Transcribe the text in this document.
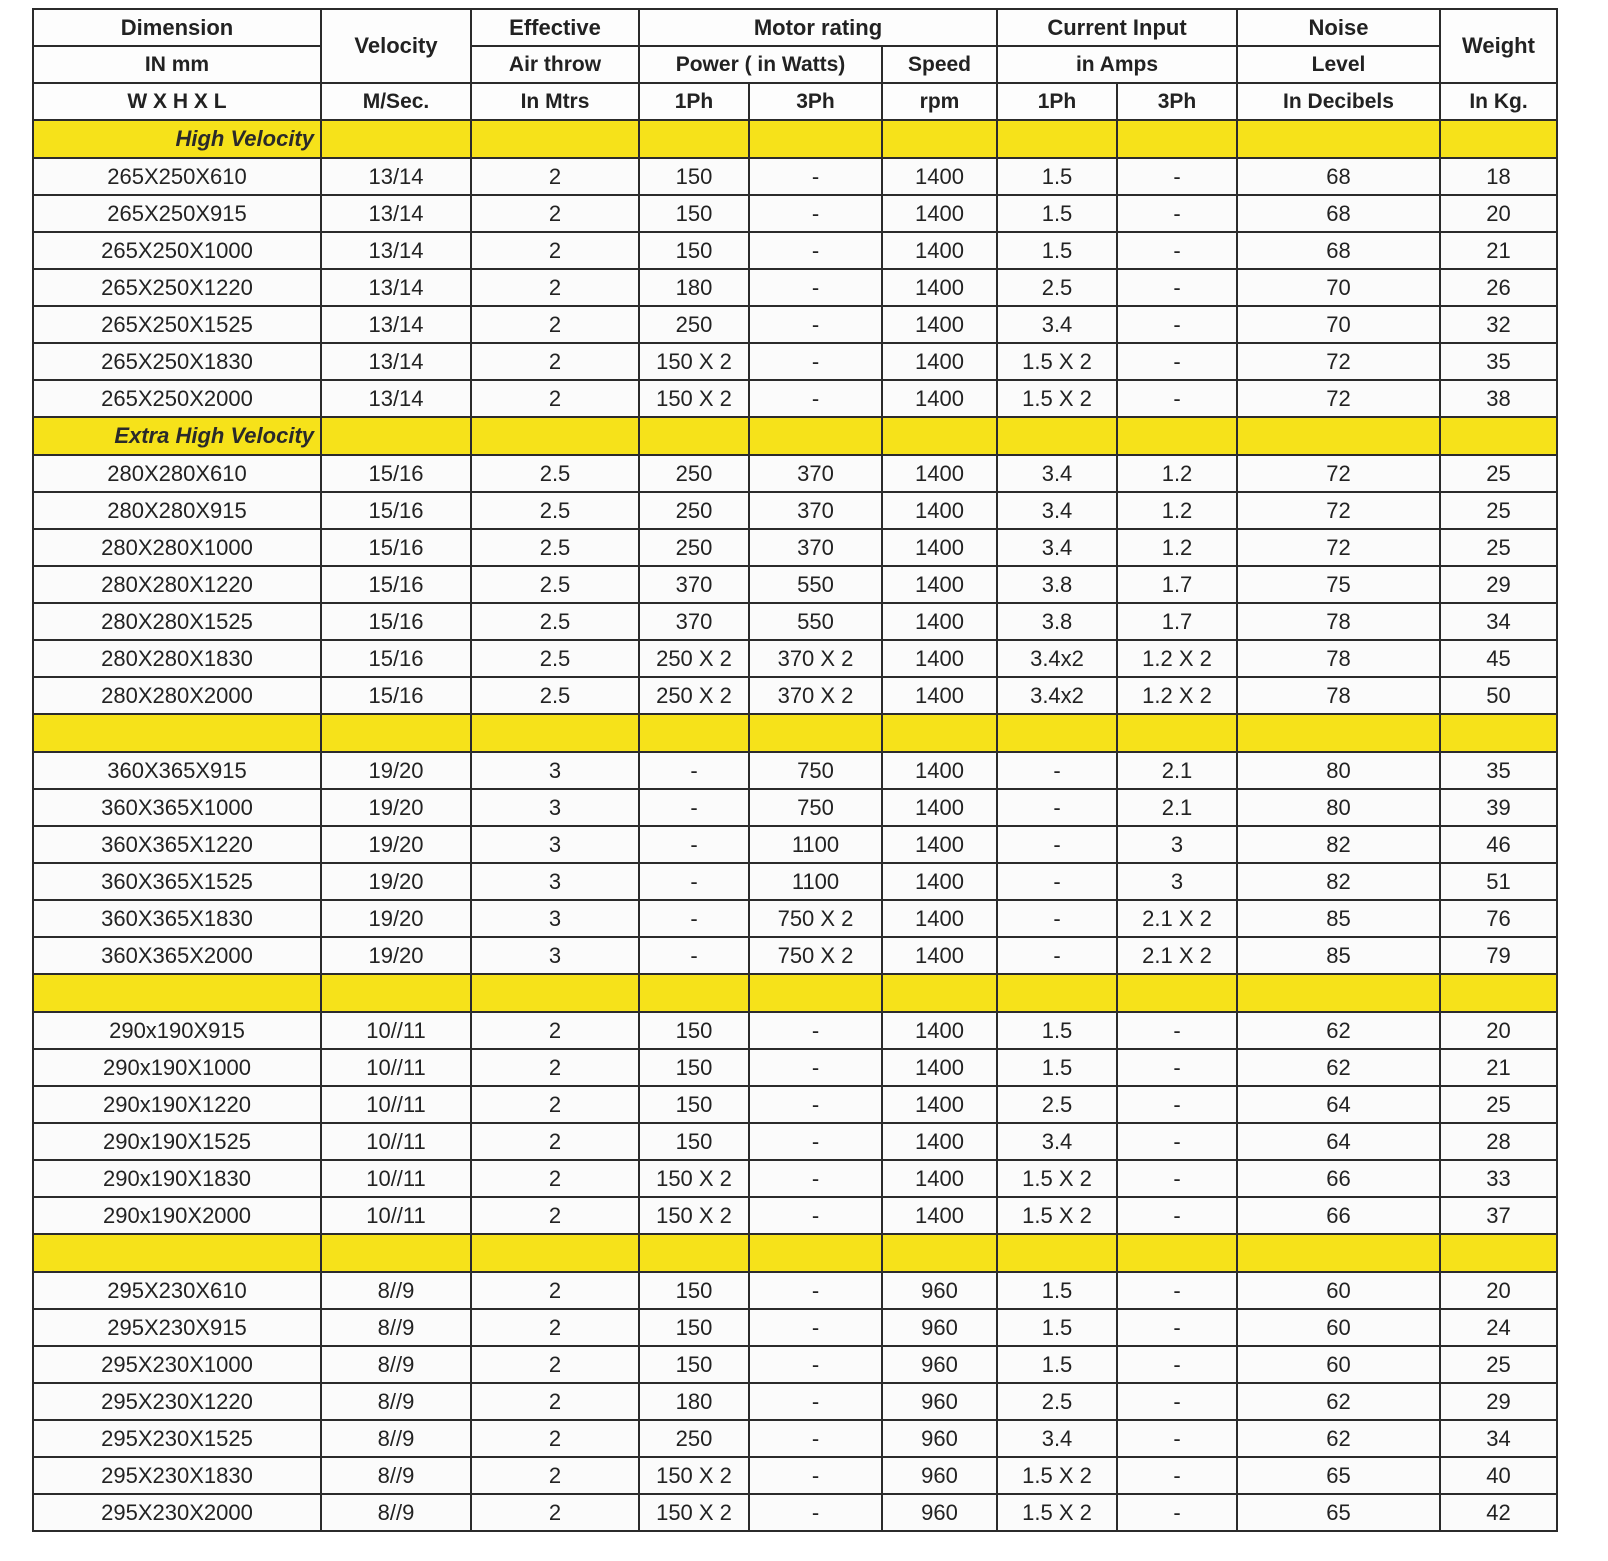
Dimension	Velocity	Effective	Motor rating			Current Input		Noise	Weight
IN mm		Air throw	Power ( in Watts)		Speed	in Amps		Level	
W X H X L	M/Sec.	In Mtrs	1Ph	3Ph	rpm	1Ph	3Ph	In Decibels	In Kg.
High Velocity									
265X250X610	13/14	2	150	-	1400	1.5	-	68	18
265X250X915	13/14	2	150	-	1400	1.5	-	68	20
265X250X1000	13/14	2	150	-	1400	1.5	-	68	21
265X250X1220	13/14	2	180	-	1400	2.5	-	70	26
265X250X1525	13/14	2	250	-	1400	3.4	-	70	32
265X250X1830	13/14	2	150 X 2	-	1400	1.5 X 2	-	72	35
265X250X2000	13/14	2	150 X 2	-	1400	1.5 X 2	-	72	38
Extra High Velocity									
280X280X610	15/16	2.5	250	370	1400	3.4	1.2	72	25
280X280X915	15/16	2.5	250	370	1400	3.4	1.2	72	25
280X280X1000	15/16	2.5	250	370	1400	3.4	1.2	72	25
280X280X1220	15/16	2.5	370	550	1400	3.8	1.7	75	29
280X280X1525	15/16	2.5	370	550	1400	3.8	1.7	78	34
280X280X1830	15/16	2.5	250 X 2	370 X 2	1400	3.4x2	1.2 X 2	78	45
280X280X2000	15/16	2.5	250 X 2	370 X 2	1400	3.4x2	1.2 X 2	78	50

360X365X915	19/20	3	-	750	1400	-	2.1	80	35
360X365X1000	19/20	3	-	750	1400	-	2.1	80	39
360X365X1220	19/20	3	-	1100	1400	-	3	82	46
360X365X1525	19/20	3	-	1100	1400	-	3	82	51
360X365X1830	19/20	3	-	750 X 2	1400	-	2.1 X 2	85	76
360X365X2000	19/20	3	-	750 X 2	1400	-	2.1 X 2	85	79

290x190X915	10//11	2	150	-	1400	1.5	-	62	20
290x190X1000	10//11	2	150	-	1400	1.5	-	62	21
290x190X1220	10//11	2	150	-	1400	2.5	-	64	25
290x190X1525	10//11	2	150	-	1400	3.4	-	64	28
290x190X1830	10//11	2	150 X 2	-	1400	1.5 X 2	-	66	33
290x190X2000	10//11	2	150 X 2	-	1400	1.5 X 2	-	66	37

295X230X610	8//9	2	150	-	960	1.5	-	60	20
295X230X915	8//9	2	150	-	960	1.5	-	60	24
295X230X1000	8//9	2	150	-	960	1.5	-	60	25
295X230X1220	8//9	2	180	-	960	2.5	-	62	29
295X230X1525	8//9	2	250	-	960	3.4	-	62	34
295X230X1830	8//9	2	150 X 2	-	960	1.5 X 2	-	65	40
295X230X2000	8//9	2	150 X 2	-	960	1.5 X 2	-	65	42
